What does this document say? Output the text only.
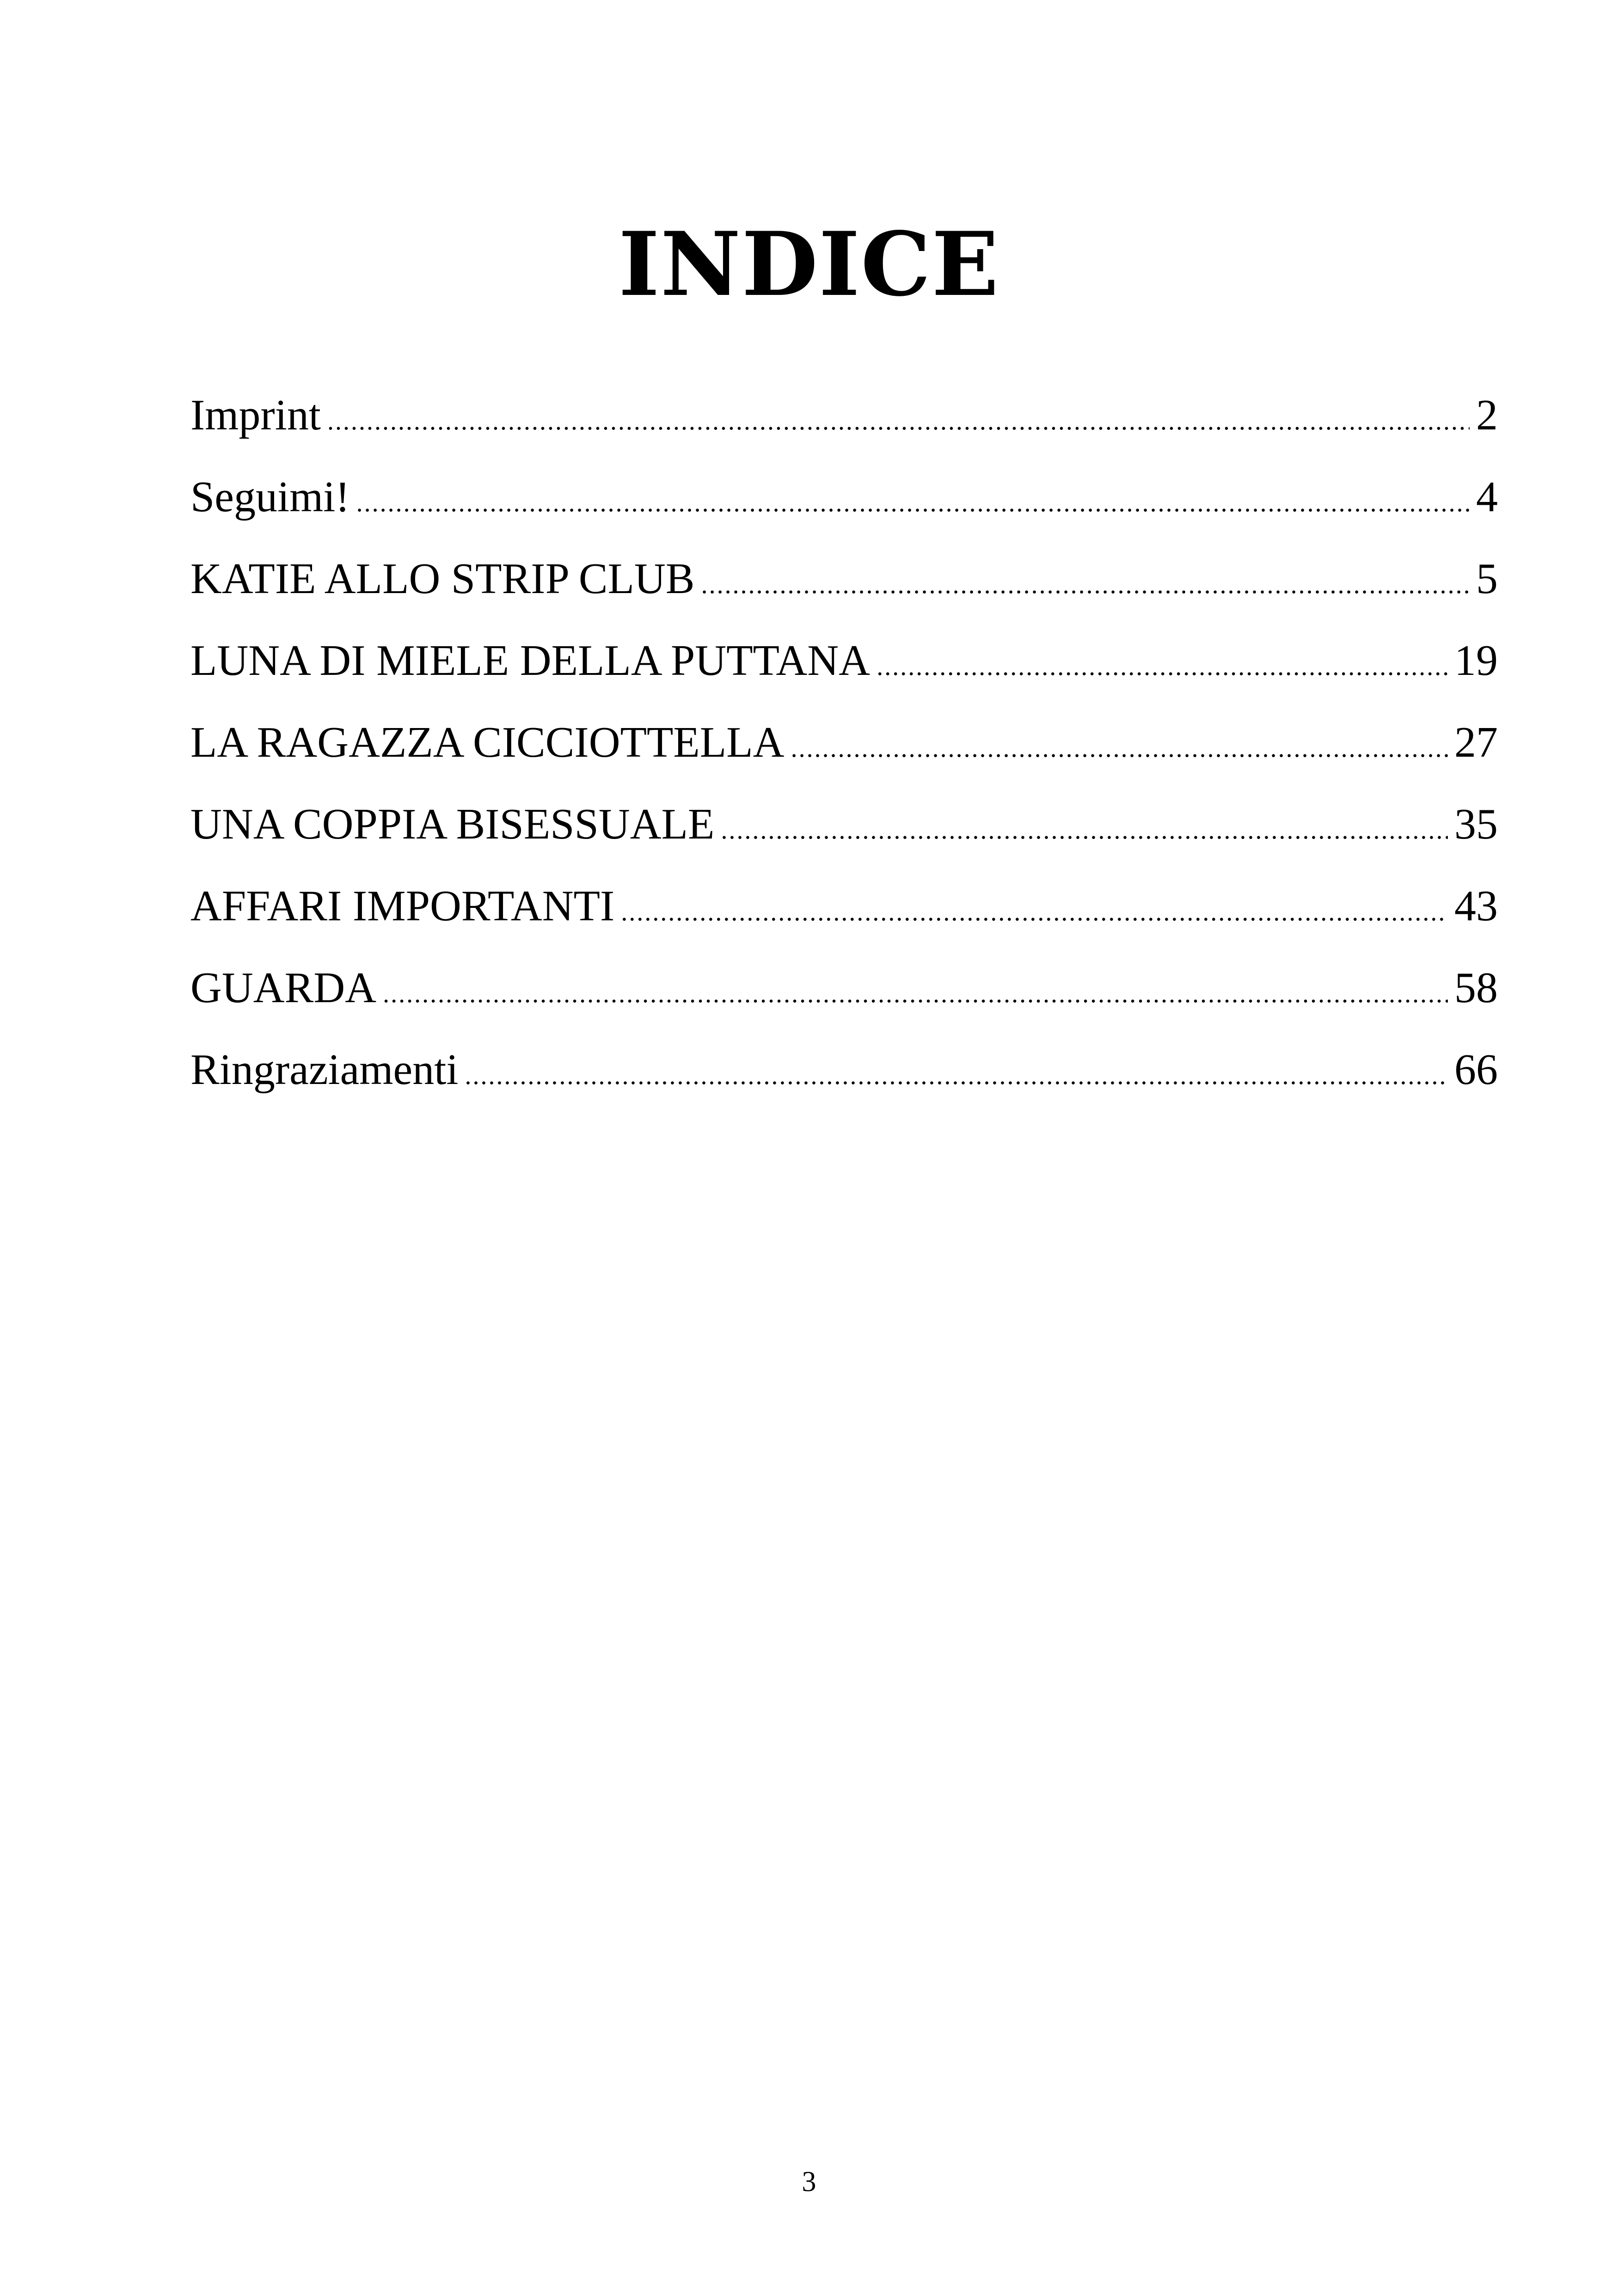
INDICE
Imprint .....	2
Seguimi! .....	4
KATIE ALLO STRIP CLUB .....	5
LUNA DI MIELE DELLA PUTTANA .....	19
LA RAGAZZA CICCIOTTELLA .....	27
UNA COPPIA BISESSUALE .....	35
AFFARI IMPORTANTI .....	43
GUARDA .....	58
Ringraziamenti .....	66
3
